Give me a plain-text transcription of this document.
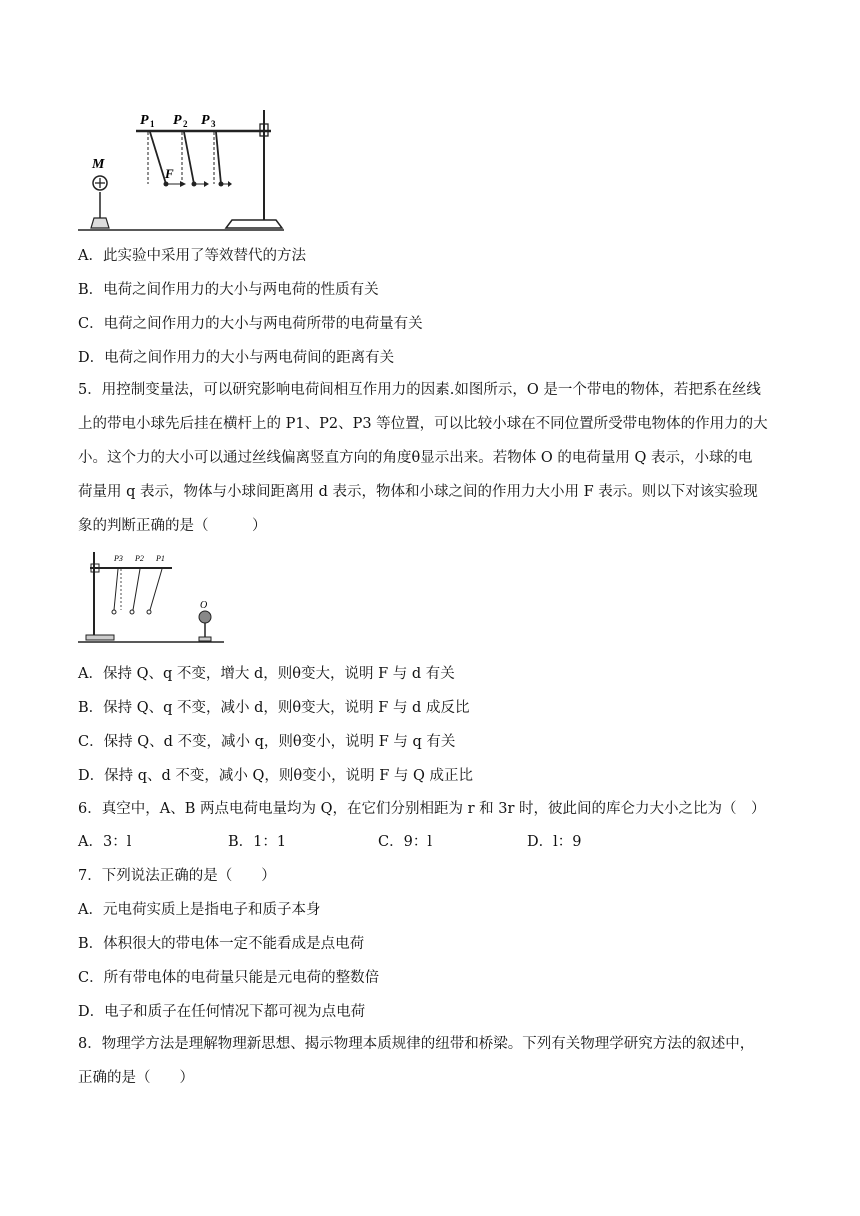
M
P 1 P 2 P 3
F
A．此实验中采用了等效替代的方法
B．电荷之间作用力的大小与两电荷的性质有关
C．电荷之间作用力的大小与两电荷所带的电荷量有关
D．电荷之间作用力的大小与两电荷间的距离有关

5．用控制变量法，可以研究影响电荷间相互作用力的因素.如图所示，O 是一个带电的物体，若把系在丝线

上的带电小球先后挂在横杆上的 P1、P2、P3 等位置，可以比较小球在不同位置所受带电物体的作用力的大

小。这个力的大小可以通过丝线偏离竖直方向的角度θ显示出来。若物体 O 的电荷量用 Q 表示，小球的电

荷量用 q 表示，物体与小球间距离用 d 表示，物体和小球之间的作用力大小用 F 表示。则以下对该实验现

象的判断正确的是（　　　）

P3 P2 P1
O
A．保持 Q、q 不变，增大 d，则θ变大，说明 F 与 d 有关
B．保持 Q、q 不变，减小 d，则θ变大，说明 F 与 d 成反比
C．保持 Q、d 不变，减小 q，则θ变小，说明 F 与 q 有关
D．保持 q、d 不变，减小 Q，则θ变小，说明 F 与 Q 成正比
6．真空中，A、B 两点电荷电量均为 Q，在它们分别相距为 r 和 3r 时，彼此间的库仑力大小之比为（　）
A．3：l	B．1：1	C．9：l	D．l：9
7．下列说法正确的是（　　）
A．元电荷实质上是指电子和质子本身
B．体积很大的带电体一定不能看成是点电荷
C．所有带电体的电荷量只能是元电荷的整数倍
D．电子和质子在任何情况下都可视为点电荷

8．物理学方法是理解物理新思想、揭示物理本质规律的纽带和桥梁。下列有关物理学研究方法的叙述中，

正确的是（　　）
